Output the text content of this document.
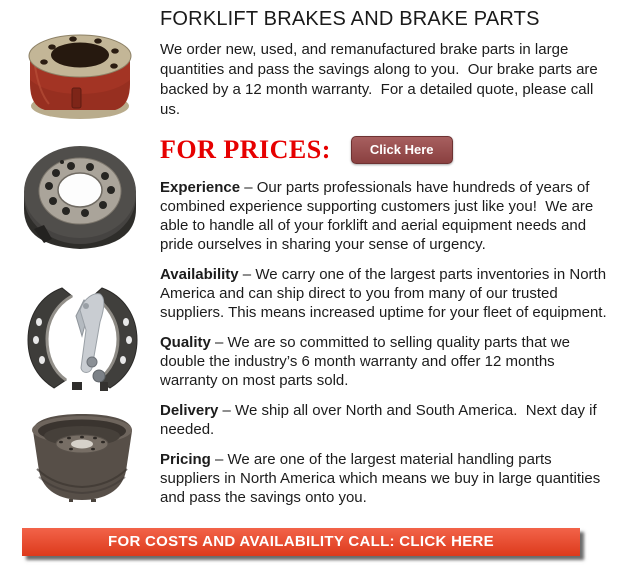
FORKLIFT BRAKES AND BRAKE PARTS

We order new, used, and remanufactured brake parts in large quantities and pass the savings along to you.  Our brake parts are backed by a 12 month warranty.  For a detailed quote, please call us.

FOR PRICES:	Click Here

Experience – Our parts professionals have hundreds of years of combined experience supporting customers just like you!  We are able to handle all of your forklift and aerial equipment needs and pride ourselves in sharing your sense of urgency.

Availability – We carry one of the largest parts inventories in North America and can ship direct to you from many of our trusted suppliers. This means increased uptime for your fleet of equipment.

Quality – We are so committed to selling quality parts that we double the industry’s 6 month warranty and offer 12 months warranty on most parts sold.

Delivery – We ship all over North and South America.  Next day if needed.

Pricing – We are one of the largest material handling parts suppliers in North America which means we buy in large quantities and pass the savings onto you.

FOR COSTS AND AVAILABILITY CALL: CLICK HERE
